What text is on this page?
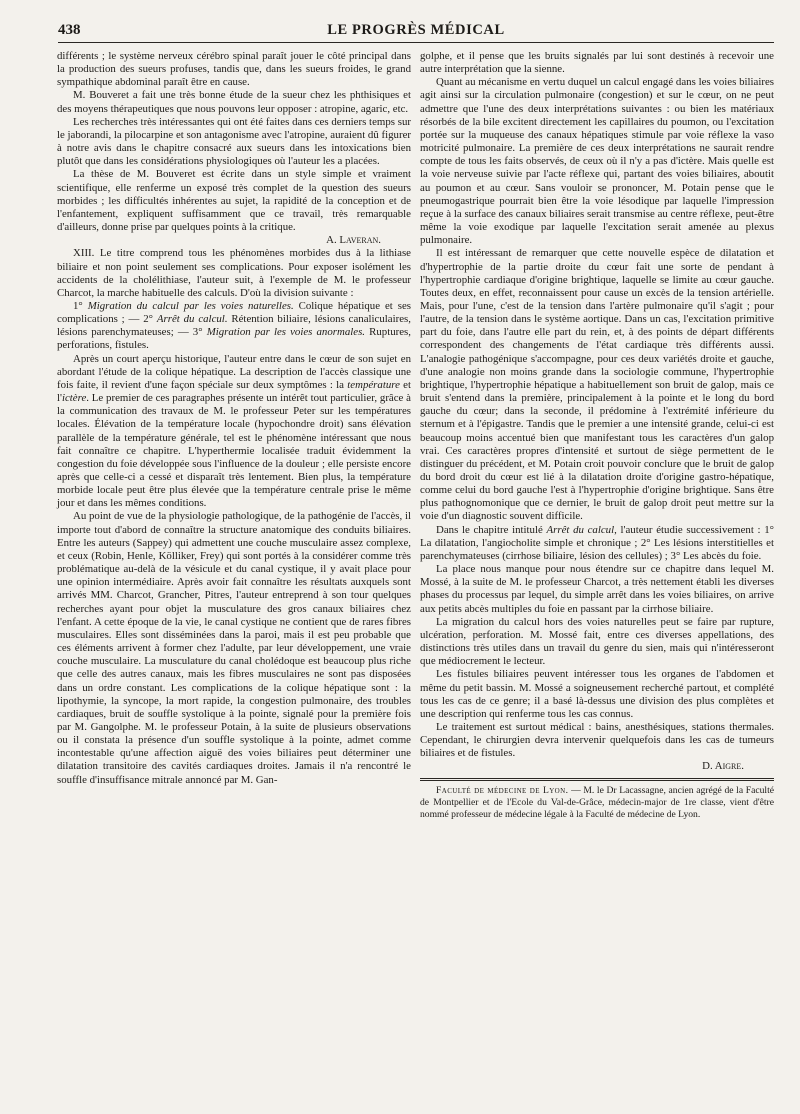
438	LE PROGRÈS MÉDICAL

différents ; le système nerveux cérébro spinal paraît jouer le côté principal dans la production des sueurs profuses, tandis que, dans les sueurs froides, le grand sympathique abdominal paraît être en cause.

M. Bouveret a fait une très bonne étude de la sueur chez les phthisiques et des moyens thérapeutiques que nous pouvons leur opposer : atropine, agaric, etc.

Les recherches très intéressantes qui ont été faites dans ces derniers temps sur le jaborandi, la pilocarpine et son antagonisme avec l'atropine, auraient dû figurer à notre avis dans le chapitre consacré aux sueurs dans les intoxications bien plutôt que dans les considérations physiologiques où l'auteur les a placées.

La thèse de M. Bouveret est écrite dans un style simple et vraiment scientifique, elle renferme un exposé très complet de la question des sueurs morbides ; les difficultés inhérentes au sujet, la rapidité de la conception et de l'enfantement, expliquent suffisamment que ce travail, très remarquable d'ailleurs, donne prise par quelques points à la critique.

A. Laveran.

XIII. Le titre comprend tous les phénomènes morbides dus à la lithiase biliaire et non point seulement ses complications. Pour exposer isolément les accidents de la cholélithiase, l'auteur suit, à l'exemple de M. le professeur Charcot, la marche habituelle des calculs. D'où la division suivante :

1° Migration du calcul par les voies naturelles. Colique hépatique et ses complications ; — 2° Arrêt du calcul. Rétention biliaire, lésions canaliculaires, lésions parenchymateuses; — 3° Migration par les voies anormales. Ruptures, perforations, fistules.

Après un court aperçu historique, l'auteur entre dans le cœur de son sujet en abordant l'étude de la colique hépatique. La description de l'accès classique une fois faite, il revient d'une façon spéciale sur deux symptômes : la température et l'ictère. Le premier de ces paragraphes présente un intérêt tout particulier, grâce à la communication des travaux de M. le professeur Peter sur les températures locales. Élévation de la température locale (hypochondre droit) sans élévation parallèle de la température générale, tel est le phénomène intéressant que nous fait connaître ce chapitre. L'hyperthermie localisée traduit évidemment la congestion du foie développée sous l'influence de la douleur ; elle persiste encore après que celle-ci a cessé et disparaît très lentement. Bien plus, la température morbide locale peut être plus élevée que la température centrale prise le même jour et dans les mêmes conditions.

Au point de vue de la physiologie pathologique, de la pathogénie de l'accès, il importe tout d'abord de connaître la structure anatomique des conduits biliaires. Entre les auteurs (Sappey) qui admettent une couche musculaire assez complexe, et ceux (Robin, Henle, Kölliker, Frey) qui sont portés à la considérer comme très problématique au-delà de la vésicule et du canal cystique, il y avait place pour une opinion intermédiaire. Après avoir fait connaître les résultats auxquels sont arrivés MM. Charcot, Grancher, Pitres, l'auteur entreprend à son tour quelques recherches ayant pour objet la musculature des gros canaux biliaires chez l'enfant. A cette époque de la vie, le canal cystique ne contient que de rares fibres musculaires. Elles sont disséminées dans la paroi, mais il est peu probable que ces éléments arrivent à former chez l'adulte, par leur développement, une vraie couche musculaire. La musculature du canal cholédoque est beaucoup plus riche que celle des autres canaux, mais les fibres musculaires ne sont pas disposées dans un ordre constant. Les complications de la colique hépatique sont : la lipothymie, la syncope, la mort rapide, la congestion pulmonaire, des troubles cardiaques, bruit de souffle systolique à la pointe, signalé pour la première fois par M. Gangolphe. M. le professeur Potain, à la suite de plusieurs observations ou il constata la présence d'un souffle systolique à la pointe, admet comme incontestable qu'une affection aiguë des voies biliaires peut déterminer une dilatation transitoire des cavités cardiaques droites. Jamais il n'a rencontré le souffle d'insuffisance mitrale annoncé par M. Gan-

golphe, et il pense que les bruits signalés par lui sont destinés à recevoir une autre interprétation que la sienne.

Quant au mécanisme en vertu duquel un calcul engagé dans les voies biliaires agit ainsi sur la circulation pulmonaire (congestion) et sur le cœur, on ne peut admettre que l'une des deux interprétations suivantes : ou bien les matériaux résorbés de la bile excitent directement les capillaires du poumon, ou l'excitation portée sur la muqueuse des canaux hépatiques stimule par voie réflexe la vaso motricité pulmonaire. La première de ces deux interprétations ne saurait rendre compte de tous les faits observés, de ceux où il n'y a pas d'ictère. Mais quelle est la voie nerveuse suivie par l'acte réflexe qui, partant des voies biliaires, aboutit au poumon et au cœur. Sans vouloir se prononcer, M. Potain pense que le pneumogastrique pourrait bien être la voie lésodique par laquelle l'impression reçue à la surface des canaux biliaires serait transmise au centre réflexe, peut-être même la voie exodique par laquelle l'excitation serait amenée au plexus pulmonaire.

Il est intéressant de remarquer que cette nouvelle espèce de dilatation et d'hypertrophie de la partie droite du cœur fait une sorte de pendant à l'hypertrophie cardiaque d'origine brightique, laquelle se limite au cœur gauche. Toutes deux, en effet, reconnaissent pour cause un excès de la tension artérielle. Mais, pour l'une, c'est de la tension dans l'artère pulmonaire qu'il s'agit ; pour l'autre, de la tension dans le système aortique. Dans un cas, l'excitation primitive part du foie, dans l'autre elle part du rein, et, à des points de départ différents correspondent des changements de l'état cardiaque très différents aussi. L'analogie pathogénique s'accompagne, pour ces deux variétés droite et gauche, d'une analogie non moins grande dans la sociologie commune, l'hypertrophie brightique, l'hypertrophie hépatique a habituellement son bruit de galop, mais ce bruit s'entend dans la première, principalement à la pointe et le long du bord gauche du cœur; dans la seconde, il prédomine à l'extrémité inférieure du sternum et à l'épigastre. Tandis que le premier a une intensité grande, celui-ci est beaucoup moins accentué bien que manifestant tous les caractères d'un galop vrai. Ces caractères propres d'intensité et surtout de siège permettent de le distinguer du précédent, et M. Potain croit pouvoir conclure que le bruit de galop du bord droit du cœur est lié à la dilatation droite d'origine gastro-hépatique, comme celui du bord gauche l'est à l'hypertrophie d'origine brightique. Sans être plus pathognomonique que ce dernier, le bruit de galop droit peut mettre sur la voie d'un diagnostic souvent difficile.

Dans le chapitre intitulé Arrêt du calcul, l'auteur étudie successivement : 1° La dilatation, l'angiocholite simple et chronique ; 2° Les lésions interstitielles et parenchymateuses (cirrhose biliaire, lésion des cellules) ; 3° Les abcès du foie.

La place nous manque pour nous étendre sur ce chapitre dans lequel M. Mossé, à la suite de M. le professeur Charcot, a très nettement établi les diverses phases du processus par lequel, du simple arrêt dans les voies biliaires, on arrive aux petits abcès multiples du foie en passant par la cirrhose biliaire.

La migration du calcul hors des voies naturelles peut se faire par rupture, ulcération, perforation. M. Mossé fait, entre ces diverses appellations, des distinctions très utiles dans un travail du genre du sien, mais qui n'intéresseront que médiocrement le lecteur.

Les fistules biliaires peuvent intéresser tous les organes de l'abdomen et même du petit bassin. M. Mossé a soigneusement recherché partout, et complété tous les cas de ce genre; il a basé là-dessus une division des plus complètes et une description qui renferme tous les cas connus.

Le traitement est surtout médical : bains, anesthésiques, stations thermales. Cependant, le chirurgien devra intervenir quelquefois dans les cas de tumeurs biliaires et de fistules.

D. Aigre.

Faculté de médecine de Lyon. — M. le Dr Lacassagne, ancien agrégé de la Faculté de Montpellier et de l'Ecole du Val-de-Grâce, médecin-major de 1re classe, vient d'être nommé professeur de médecine légale à la Faculté de médecine de Lyon.
